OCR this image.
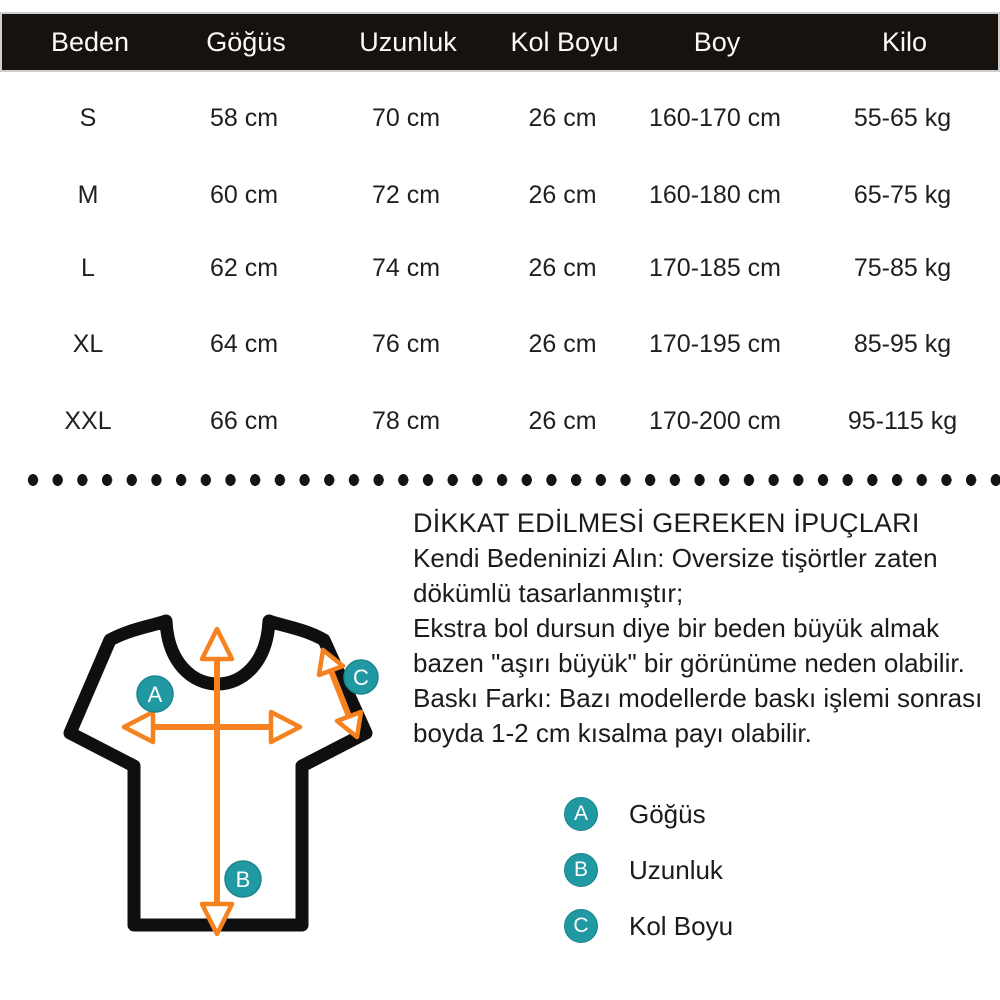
Beden	Göğüs	Uzunluk	Kol Boyu	Boy	Kilo
S	58 cm	70 cm	26 cm	160-170 cm	55-65 kg
M	60 cm	72 cm	26 cm	160-180 cm	65-75 kg
L	62 cm	74 cm	26 cm	170-185 cm	75-85 kg
XL	64 cm	76 cm	26 cm	170-195 cm	85-95 kg
XXL	66 cm	78 cm	26 cm	170-200 cm	95-115 kg
A
B
C
DİKKAT EDİLMESİ GEREKEN İPUÇLARI
Kendi Bedeninizi Alın: Oversize tişörtler zaten
dökümlü tasarlanmıştır;
Ekstra bol dursun diye bir beden büyük almak
bazen "aşırı büyük" bir görünüme neden olabilir.
Baskı Farkı: Bazı modellerde baskı işlemi sonrası
boyda 1-2 cm kısalma payı olabilir.
A	Göğüs
B	Uzunluk
C	Kol Boyu
